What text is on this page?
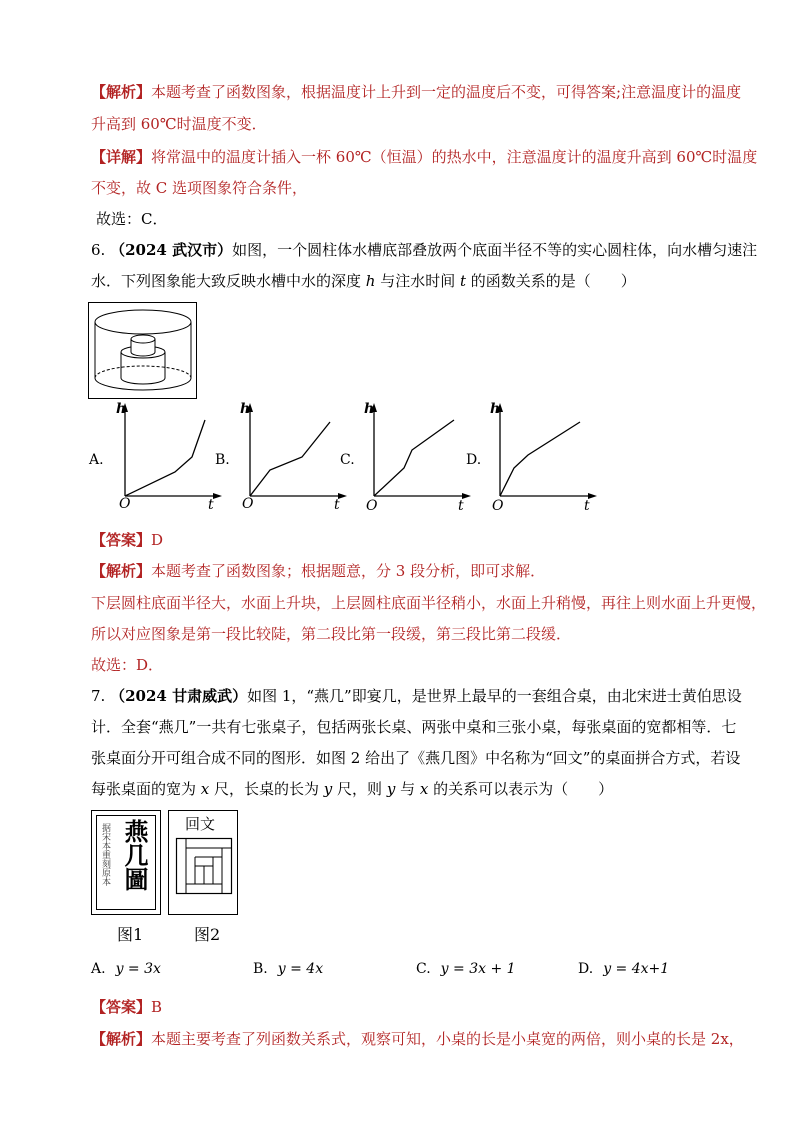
【解析】本题考查了函数图象，根据温度计上升到一定的温度后不变，可得答案;注意温度计的温度
升高到 60℃时温度不变．
【详解】将常温中的温度计插入一杯 60℃（恒温）的热水中，注意温度计的温度升高到 60℃时温度
不变，故 C 选项图象符合条件，
故选：C．
6. （2024 武汉市）如图，一个圆柱体水槽底部叠放两个底面半径不等的实心圆柱体，向水槽匀速注
水．下列图象能大致反映水槽中水的深度 h 与注水时间 t 的函数关系的是（　　）
A.
h
O	t
B.
h
O	t
C.
h
O	t
D.
h
O	t
【答案】D
【解析】本题考查了函数图象；根据题意，分 3 段分析，即可求解．
下层圆柱底面半径大，水面上升块，上层圆柱底面半径稍小，水面上升稍慢，再往上则水面上升更慢，
所以对应图象是第一段比较陡，第二段比第一段缓，第三段比第二段缓．
故选：D．
7. （2024 甘肃威武）如图 1，“燕几”即宴几，是世界上最早的一套组合桌，由北宋进士黄伯思设
计．全套“燕几”一共有七张桌子，包括两张长桌、两张中桌和三张小桌，每张桌面的宽都相等．七
张桌面分开可组合成不同的图形．如图 2 给出了《燕几图》中名称为“回文”的桌面拼合方式，若设
每张桌面的宽为 x 尺，长桌的长为 y 尺，则 y 与 x 的关系可以表示为（　　）
据宋本重刻原本 燕几圖
图1
回文
图2
A. y = 3x	B. y = 4x	C. y = 3x + 1	D. y = 4x+1
【答案】B
【解析】本题主要考查了列函数关系式，观察可知，小桌的长是小桌宽的两倍，则小桌的长是 2x，
